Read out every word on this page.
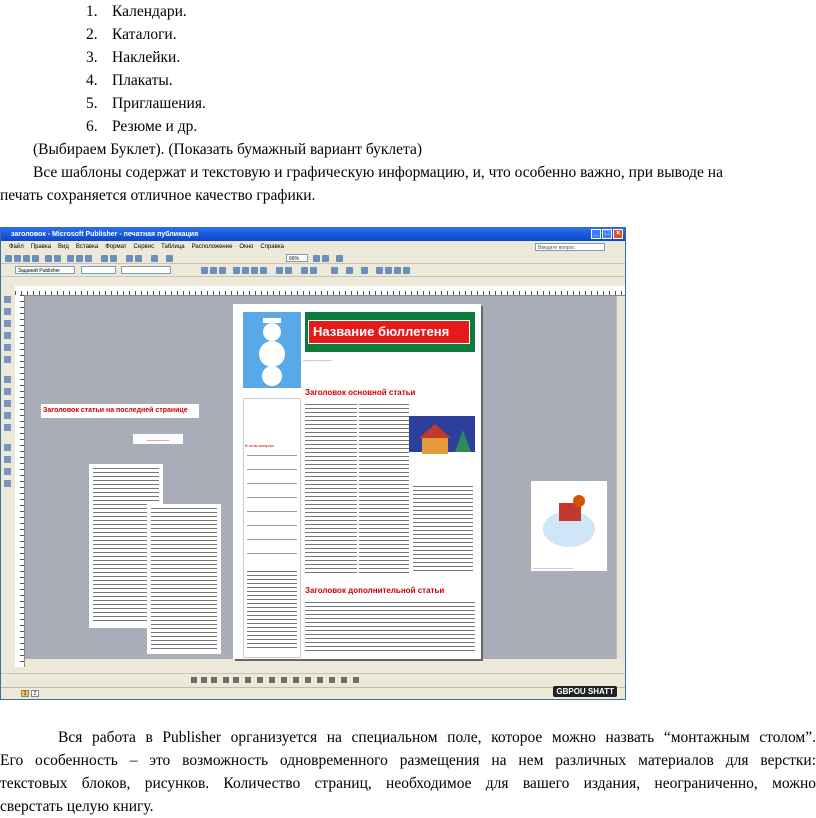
1. Календари.
2. Каталоги.
3. Наклейки.
4. Плакаты.
5. Приглашения.
6. Резюме и др.
(Выбираем Буклет). (Показать бумажный вариант буклета)
Все шаблоны содержат и текстовую и графическую информацию, и, что особенно важно, при выводе на
печать сохраняется отличное качество графики.
заголовок - Microsoft Publisher - печатная публикация	_ □ ×
Файл Правка Вид Вставка Формат Сервис Таблица Расположение Окно Справка	Введите вопрос
66%
Заданий Publisher
Заголовок статьи на последней странице
________
Название бюллетеня
_____________
Заголовок основной статьи
В этом выпуске:
Заголовок дополнительной статьи
__________________
1	2	GBPOU SHATT
Вся работа в Publisher организуется на специальном поле, которое можно назвать “монтажным столом”.
Его особенность – это возможность одновременного размещения на нем различных материалов для верстки:
текстовых блоков, рисунков. Количество страниц, необходимое для вашего издания, неограниченно, можно
сверстать целую книгу.
